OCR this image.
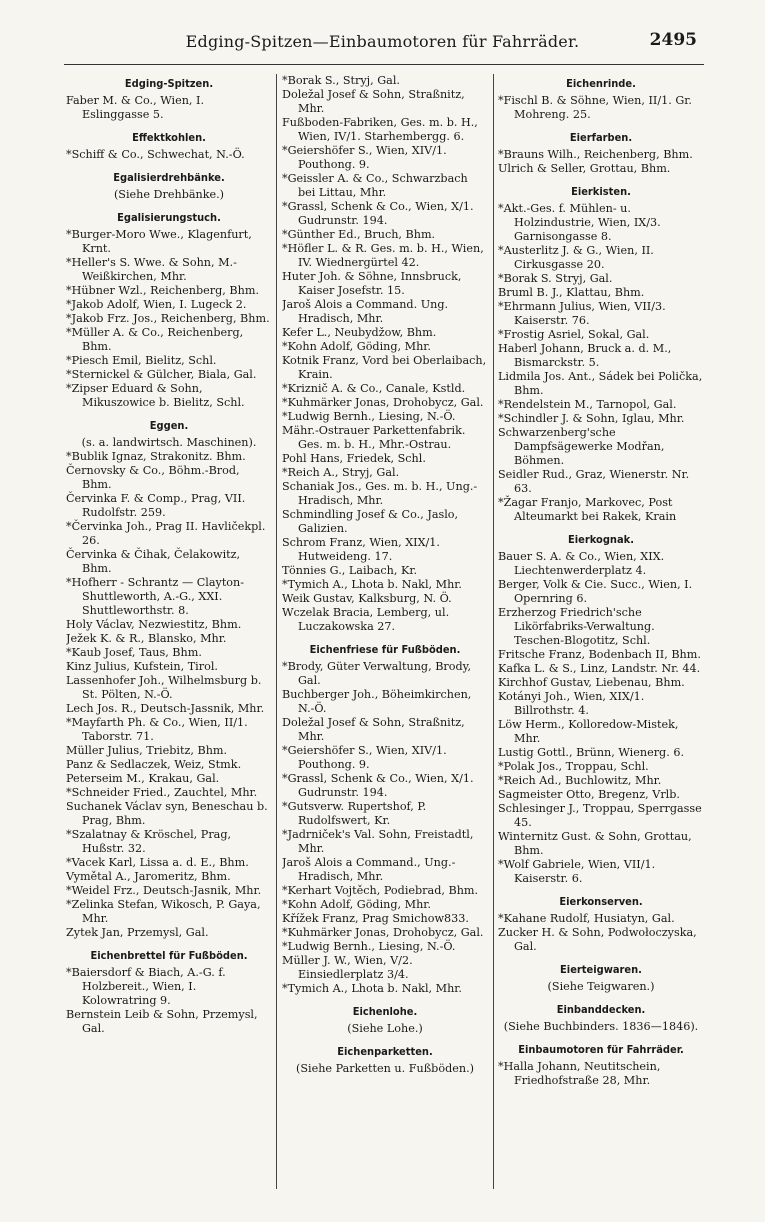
Edging-Spitzen—Einbaumotoren für Fahrräder.	2495
Edging-Spitzen.
Faber M. & Co., Wien, I. Eslinggasse 5.
Effektkohlen.
*Schiff & Co., Schwechat, N.-Ö.
Egalisierdrehbänke.
(Siehe Drehbänke.)
Egalisierungstuch.
*Burger-Moro Wwe., Klagenfurt, Krnt.
*Heller's S. Wwe. & Sohn, M.-Weißkirchen, Mhr.
*Hübner Wzl., Reichenberg, Bhm.
*Jakob Adolf, Wien, I. Lugeck 2.
*Jakob Frz. Jos., Reichenberg, Bhm.
*Müller A. & Co., Reichenberg, Bhm.
*Piesch Emil, Bielitz, Schl.
*Sternickel & Gülcher, Biala, Gal.
*Zipser Eduard & Sohn, Mikuszowice b. Bielitz, Schl.
Eggen.
(s. a. landwirtsch. Maschinen).
*Bublik Ignaz, Strakonitz. Bhm.
Černovsky & Co., Böhm.-Brod, Bhm.
Červinka F. & Comp., Prag, VII. Rudolfstr. 259.
*Červinka Joh., Prag II. Havličekpl. 26.
Červinka & Čihak, Čelakowitz, Bhm.
*Hofherr - Schrantz — Clayton-Shuttleworth, A.-G., XXI. Shuttleworthstr. 8.
Holy Václav, Nezwiestitz, Bhm.
Ježek K. & R., Blansko, Mhr.
*Kaub Josef, Taus, Bhm.
Kinz Julius, Kufstein, Tirol.
Lassenhofer Joh., Wilhelmsburg b. St. Pölten, N.-Ö.
Lech Jos. R., Deutsch-Jassnik, Mhr.
*Mayfarth Ph. & Co., Wien, II/1. Taborstr. 71.
Müller Julius, Triebitz, Bhm.
Panz & Sedlaczek, Weiz, Stmk.
Peterseim M., Krakau, Gal.
*Schneider Fried., Zauchtel, Mhr.
Suchanek Václav syn, Beneschau b. Prag, Bhm.
*Szalatnay & Kröschel, Prag, Hußstr. 32.
*Vacek Karl, Lissa a. d. E., Bhm.
Vymětal A., Jaromeritz, Bhm.
*Weidel Frz., Deutsch-Jasnik, Mhr.
*Zelinka Stefan, Wikosch, P. Gaya, Mhr.
Zytek Jan, Przemysl, Gal.
Eichenbrettel für Fußböden.
*Baiersdorf & Biach, A.-G. f. Holzbereit., Wien, I. Kolowratring 9.
Bernstein Leib & Sohn, Przemysl, Gal.
*Borak S., Stryj, Gal.
Doležal Josef & Sohn, Straßnitz, Mhr.
Fußboden-Fabriken, Ges. m. b. H., Wien, IV/1. Starhembergg. 6.
*Geiershöfer S., Wien, XIV/1. Pouthong. 9.
*Geissler A. & Co., Schwarzbach bei Littau, Mhr.
*Grassl, Schenk & Co., Wien, X/1. Gudrunstr. 194.
*Günther Ed., Bruch, Bhm.
*Höfler L. & R. Ges. m. b. H., Wien, IV. Wiednergürtel 42.
Huter Joh. & Söhne, Innsbruck, Kaiser Josefstr. 15.
Jaroš Alois a Command. Ung. Hradisch, Mhr.
Kefer L., Neubydžow, Bhm.
*Kohn Adolf, Göding, Mhr.
Kotnik Franz, Vord bei Oberlaibach, Krain.
*Kriznič A. & Co., Canale, Kstld.
*Kuhmärker Jonas, Drohobycz, Gal.
*Ludwig Bernh., Liesing, N.-Ö.
Mähr.-Ostrauer Parkettenfabrik. Ges. m. b. H., Mhr.-Ostrau.
Pohl Hans, Friedek, Schl.
*Reich A., Stryj, Gal.
Schaniak Jos., Ges. m. b. H., Ung.-Hradisch, Mhr.
Schmindling Josef & Co., Jaslo, Galizien.
Schrom Franz, Wien, XIX/1. Hutweideng. 17.
Tönnies G., Laibach, Kr.
*Tymich A., Lhota b. Nakl, Mhr.
Weik Gustav, Kalksburg, N. Ö.
Wczelak Bracia, Lemberg, ul. Luczakowska 27.
Eichenfriese für Fußböden.
*Brody, Güter Verwaltung, Brody, Gal.
Buchberger Joh., Böheimkirchen, N.-Ö.
Doležal Josef & Sohn, Straßnitz, Mhr.
*Geiershöfer S., Wien, XIV/1. Pouthong. 9.
*Grassl, Schenk & Co., Wien, X/1. Gudrunstr. 194.
*Gutsverw. Rupertshof, P. Rudolfswert, Kr.
*Jadrniček's Val. Sohn, Freistadtl, Mhr.
Jaroš Alois a Command., Ung.-Hradisch, Mhr.
*Kerhart Vojtěch, Podiebrad, Bhm.
*Kohn Adolf, Göding, Mhr.
Křížek Franz, Prag Smichow833.
*Kuhmärker Jonas, Drohobycz, Gal.
*Ludwig Bernh., Liesing, N.-Ö.
Müller J. W., Wien, V/2. Einsiedlerplatz 3/4.
*Tymich A., Lhota b. Nakl, Mhr.
Eichenlohe.
(Siehe Lohe.)
Eichenparketten.
(Siehe Parketten u. Fußböden.)
Eichenrinde.
*Fischl B. & Söhne, Wien, II/1. Gr. Mohreng. 25.
Eierfarben.
*Brauns Wilh., Reichenberg, Bhm.
Ulrich & Seller, Grottau, Bhm.
Eierkisten.
*Akt.-Ges. f. Mühlen- u. Holzindustrie, Wien, IX/3. Garnisongasse 8.
*Austerlitz J. & G., Wien, II. Cirkusgasse 20.
*Borak S. Stryj, Gal.
Bruml B. J., Klattau, Bhm.
*Ehrmann Julius, Wien, VII/3. Kaiserstr. 76.
*Frostig Asriel, Sokal, Gal.
Haberl Johann, Bruck a. d. M., Bismarckstr. 5.
Lidmila Jos. Ant., Sádek bei Polička, Bhm.
*Rendelstein M., Tarnopol, Gal.
*Schindler J. & Sohn, Iglau, Mhr.
Schwarzenberg'sche Dampfsägewerke Modřan, Böhmen.
Seidler Rud., Graz, Wienerstr. Nr. 63.
*Žagar Franjo, Markovec, Post Alteumarkt bei Rakek, Krain
Eierkognak.
Bauer S. A. & Co., Wien, XIX. Liechtenwerderplatz 4.
Berger, Volk & Cie. Succ., Wien, I. Opernring 6.
Erzherzog Friedrich'sche Likörfabriks-Verwaltung. Teschen-Blogotitz, Schl.
Fritsche Franz, Bodenbach II, Bhm.
Kafka L. & S., Linz, Landstr. Nr. 44.
Kirchhof Gustav, Liebenau, Bhm.
Kotányi Joh., Wien, XIX/1. Billrothstr. 4.
Löw Herm., Kolloredow-Mistek, Mhr.
Lustig Gottl., Brünn, Wienerg. 6.
*Polak Jos., Troppau, Schl.
*Reich Ad., Buchlowitz, Mhr.
Sagmeister Otto, Bregenz, Vrlb.
Schlesinger J., Troppau, Sperrgasse 45.
Winternitz Gust. & Sohn, Grottau, Bhm.
*Wolf Gabriele, Wien, VII/1. Kaiserstr. 6.
Eierkonserven.
*Kahane Rudolf, Husiatyn, Gal.
Zucker H. & Sohn, Podwołoczyska, Gal.
Eierteigwaren.
(Siehe Teigwaren.)
Einbanddecken.
(Siehe Buchbinders. 1836—1846).
Einbaumotoren für Fahrräder.
*Halla Johann, Neutitschein, Friedhofstraße 28, Mhr.
